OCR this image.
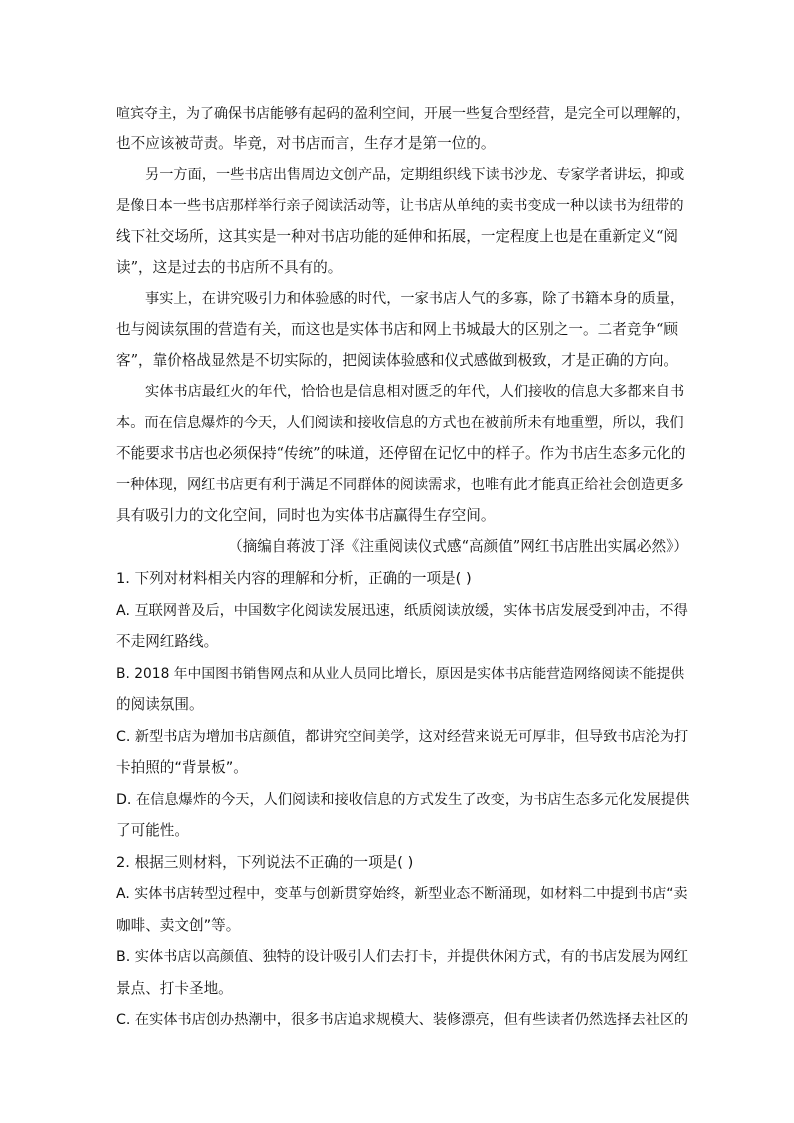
喧宾夺主，为了确保书店能够有起码的盈利空间，开展一些复合型经营，是完全可以理解的，
也不应该被苛责。毕竟，对书店而言，生存才是第一位的。
另一方面，一些书店出售周边文创产品，定期组织线下读书沙龙、专家学者讲坛，抑或
是像日本一些书店那样举行亲子阅读活动等，让书店从单纯的卖书变成一种以读书为纽带的
线下社交场所，这其实是一种对书店功能的延伸和拓展，一定程度上也是在重新定义“阅
读”，这是过去的书店所不具有的。
事实上，在讲究吸引力和体验感的时代，一家书店人气的多寡，除了书籍本身的质量，
也与阅读氛围的营造有关，而这也是实体书店和网上书城最大的区别之一。二者竞争“顾
客”，靠价格战显然是不切实际的，把阅读体验感和仪式感做到极致，才是正确的方向。
实体书店最红火的年代，恰恰也是信息相对匮乏的年代，人们接收的信息大多都来自书
本。而在信息爆炸的今天，人们阅读和接收信息的方式也在被前所未有地重塑，所以，我们
不能要求书店也必须保持“传统”的味道，还停留在记忆中的样子。作为书店生态多元化的
一种体现，网红书店更有利于满足不同群体的阅读需求，也唯有此才能真正给社会创造更多
具有吸引力的文化空间，同时也为实体书店赢得生存空间。
（摘编自蒋波丁泽《注重阅读仪式感“高颜值”网红书店胜出实属必然》）
1. 下列对材料相关内容的理解和分析，正确的一项是( )
A. 互联网普及后，中国数字化阅读发展迅速，纸质阅读放缓，实体书店发展受到冲击，不得
不走网红路线。
B. 2018 年中国图书销售网点和从业人员同比增长，原因是实体书店能营造网络阅读不能提供
的阅读氛围。
C. 新型书店为增加书店颜值，都讲究空间美学，这对经营来说无可厚非，但导致书店沦为打
卡拍照的“背景板”。
D. 在信息爆炸的今天，人们阅读和接收信息的方式发生了改变，为书店生态多元化发展提供
了可能性。
2. 根据三则材料，下列说法不正确的一项是( )
A. 实体书店转型过程中，变革与创新贯穿始终，新型业态不断涌现，如材料二中提到书店“卖
咖啡、卖文创”等。
B. 实体书店以高颜值、独特的设计吸引人们去打卡，并提供休闲方式，有的书店发展为网红
景点、打卡圣地。
C. 在实体书店创办热潮中，很多书店追求规模大、装修漂亮，但有些读者仍然选择去社区的
